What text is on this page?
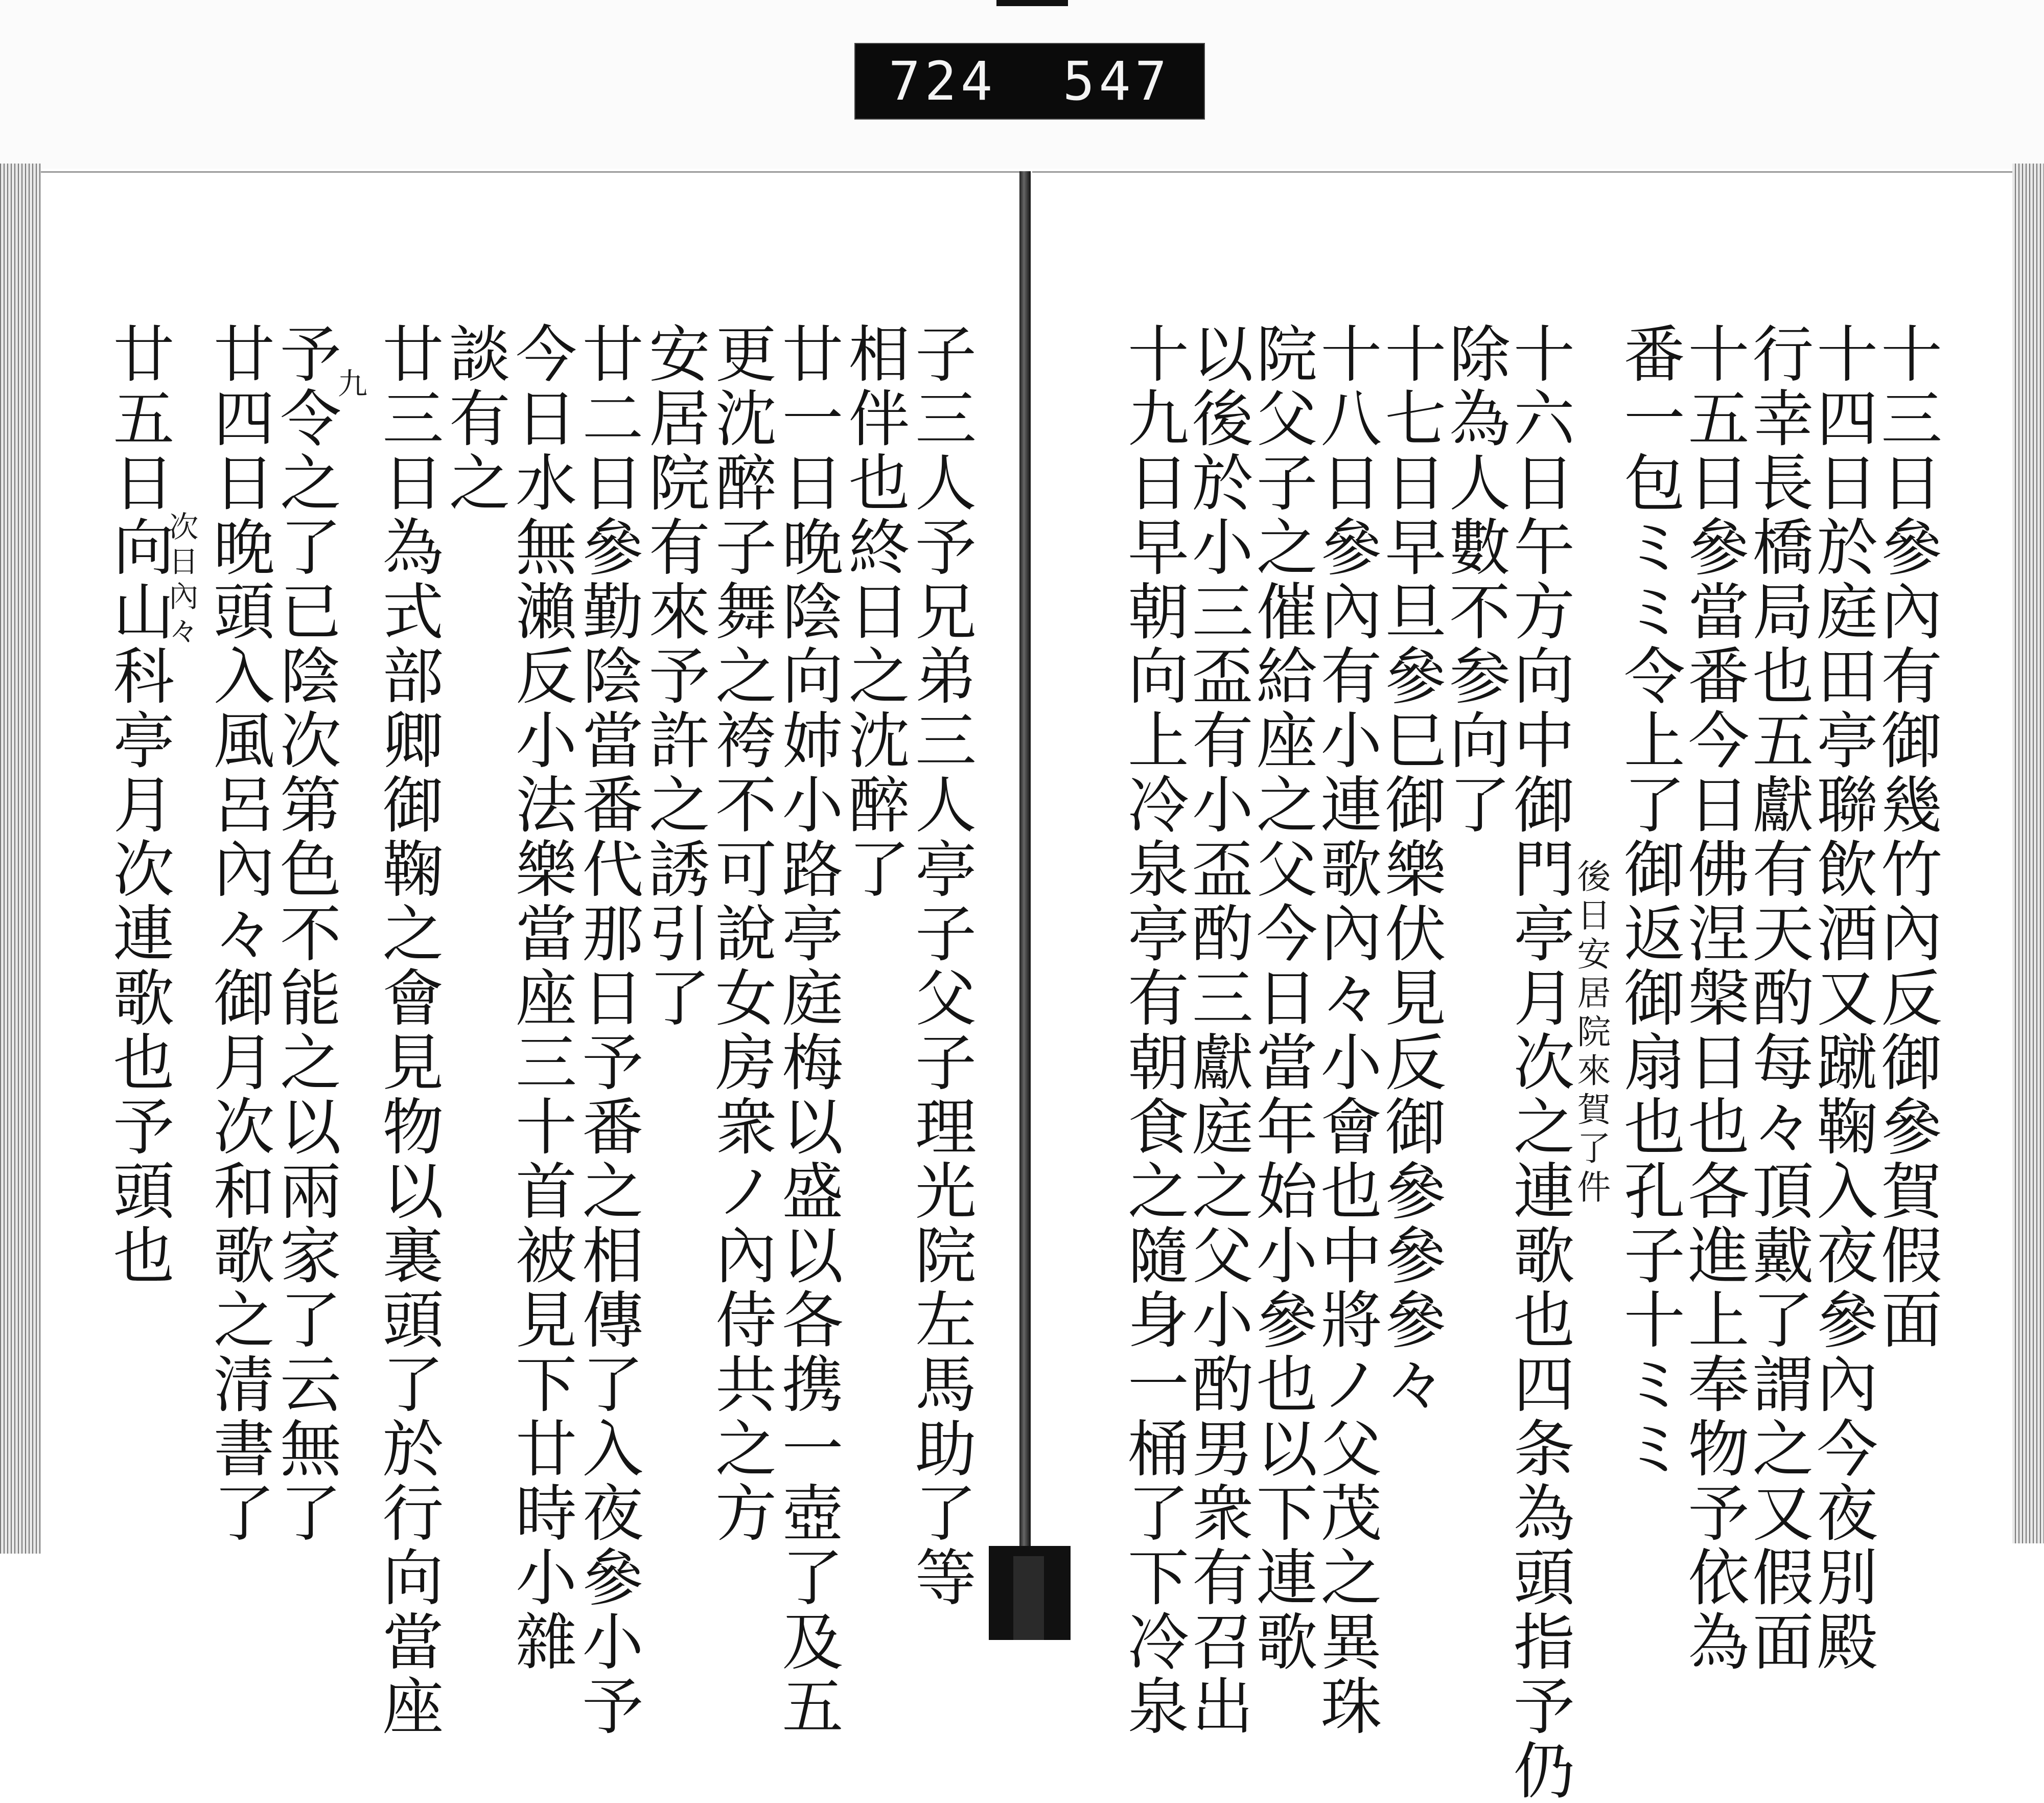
724	547
十三日參內有御幾竹內反御參賀假面
十四日於庭田亭聯飲酒又蹴鞠入夜參內今夜別殿
行幸長橋局也五獻有天酌每々頂戴了謂之又假面
十五日參當番今日佛涅槃日也各進上奉物予依為
番一包ミミ令上了御返御扇也孔子十ミミ
後日安居院來賀了件
十六日午方向中御門亭月次之連歌也四条為頭指予仍
除為人數不参向了
十七日早旦參巳御樂伏見反御參參參々
十八日參內有小連歌內々小會也中將ノ父茂之異珠
院父子之催給座之父今日當年始小參也以下連歌
以後於小三盃有小盃酌三獻庭之父小酌男衆有召出
十九日早朝向上冷泉亭有朝食之隨身一桶了下冷泉
子三人予兄弟三人亭子父子理光院左馬助了等
相伴也終日之沈醉了
廿一日晚陰向姉小路亭庭梅以盛以各携一壺了及五
更沈醉子舞之袴不可說女房衆ノ內侍共之方
安居院有來予許之誘引了
廿二日參勤陰當番代那日予番之相傳了入夜參小予
今日水無瀨反小法樂當座三十首被見下廿時小雜
談有之
廿三日為式部卿御鞠之會見物以裏頭了於行向當座
九
予令之了已陰次第色不能之以兩家了云無了
廿四日晚頭入風呂內々御月次和歌之清書了
次日內々
廿五日向山科亭月次連歌也予頭也
